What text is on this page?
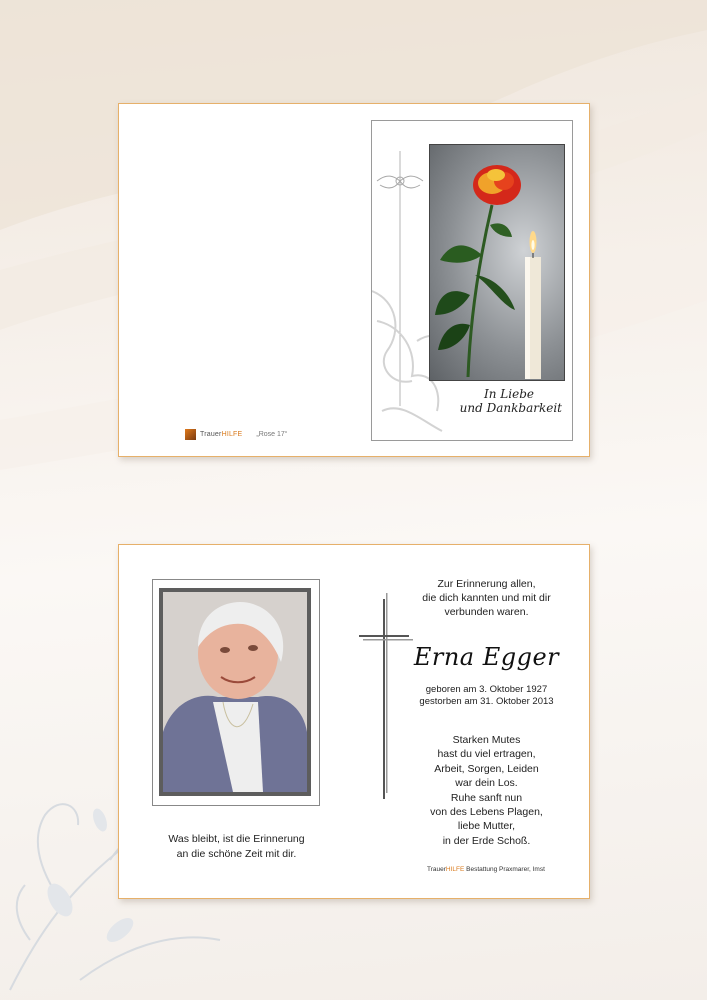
In Liebe
und Dankbarkeit
TrauerHILFE „Rose 17“
Was bleibt, ist die Erinnerung
an die schöne Zeit mit dir.
Zur Erinnerung allen,
die dich kannten und mit dir
verbunden waren.
Erna Egger
geboren am 3. Oktober 1927
gestorben am 31. Oktober 2013
Starken Mutes
hast du viel ertragen,
Arbeit, Sorgen, Leiden
war dein Los.
Ruhe sanft nun
von des Lebens Plagen,
liebe Mutter,
in der Erde Schoß.
TrauerHILFE Bestattung Praxmarer, Imst
